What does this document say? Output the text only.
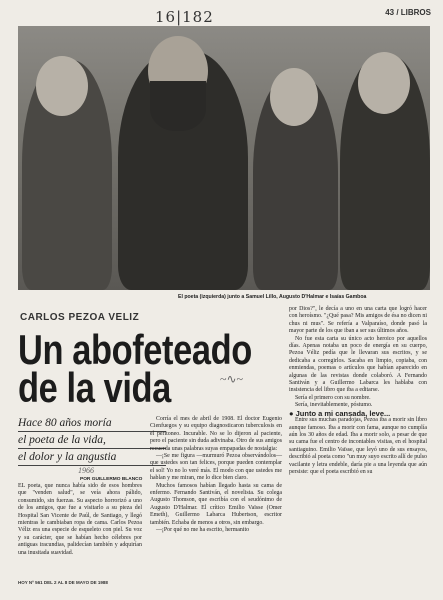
16|182	43 / LIBROS
El poeta (izquierda) junto a Samuel Lillo, Augusto D'Halmar e Isaías Gamboa
CARLOS PEZOA VELIZ
Un abofeteado
de la vida	~∿~
Hace 80 años moría
el poeta de la vida,
el dolor y la angustia
1966
POR GUILLERMO BLANCO

EL poeta, que nunca había sido de esos hombres que "venden salud", se veía ahora pálido, consumido, sin fuerzas. Su aspecto horrorizó a uno de los amigos, que fue a visitarlo a su pieza del Hospital San Vicente de Paúl, de Santiago, y llegó mientras le cambiaban ropa de cama. Carlos Pezoa Véliz era una especie de esqueleto con piel. Su voz y su carácter, que se habían hecho célebres por antiguas iracundias, palidecían también y adquirían una inusitada suavidad.

Corría el mes de abril de 1908. El doctor Eugenio Cienfuegos y su equipo diagnosticaron tuberculosis en el peritoneo. Incurable. No se lo dijeron al paciente, pero el paciente sin duda adivinaba. Otro de sus amigos recuerda unas palabras suyas empapadas de nostalgia:

—¡Se me figura —murmuró Pezoa observándolos— que ustedes son tan felices, porque pueden contemplar el sol! Yo no lo veré más. El modo con que ustedes me hablan y me miran, me lo dice bien claro.

Muchos famosos habían llegado hasta su cama de enfermo. Fernando Santiván, el novelista. Su colega Augusto Thomson, que escribía con el seudónimo de Augusto D'Halmar. El crítico Emilio Vaïsse (Omer Emeth), Guillermo Labarca Hubertson, escritor también. Echaba de menos a otros, sin embargo.

—¡Por qué no me ha escrito, hermanito

por Dios?", le decía a uno en una carta que logró hacer con heroísmo. "¿Qué pasa? Mis amigos de ésa no dicen ni chus ni mus". Se refería a Valparaíso, donde pasó la mayor parte de los que iban a ser sus últimos años.

No fue esta carta su único acto heroico por aquellos días. Apenas notaba un poco de energía en su cuerpo, Pezoa Véliz pedía que le llevaran sus escritos, y se dedicaba a corregirlos. Sacaba en limpio, copiaba, con enmiendas, poemas o artículos que habían aparecido en algunas de las revistas donde colaboró. A Fernando Santiván y a Guillermo Labarca les hablaba con insistencia del libro que iba a editarse.

Sería el primero con su nombre.

Sería, inevitablemente, póstumo.

● Junto a mi cansada, leve...

Entre sus muchas paradojas, Pezoa iba a morir sin libro aunque famoso. Iba a morir con fama, aunque no cumplía aún los 30 años de edad. Iba a morir solo, a pesar de que su cama fue el centro de incontables visitas, en el hospital santiaguino. Emilio Vaïsse, que leyó uno de sus ensayos, describió al poeta como "un muy suyo escrito allí de pulso vacilante y letra endeble, daría pie a una leyenda que aún persiste: que el poeta escribió en su

HOY Nº 561 DEL 2 AL 8 DE MAYO DE 1988
